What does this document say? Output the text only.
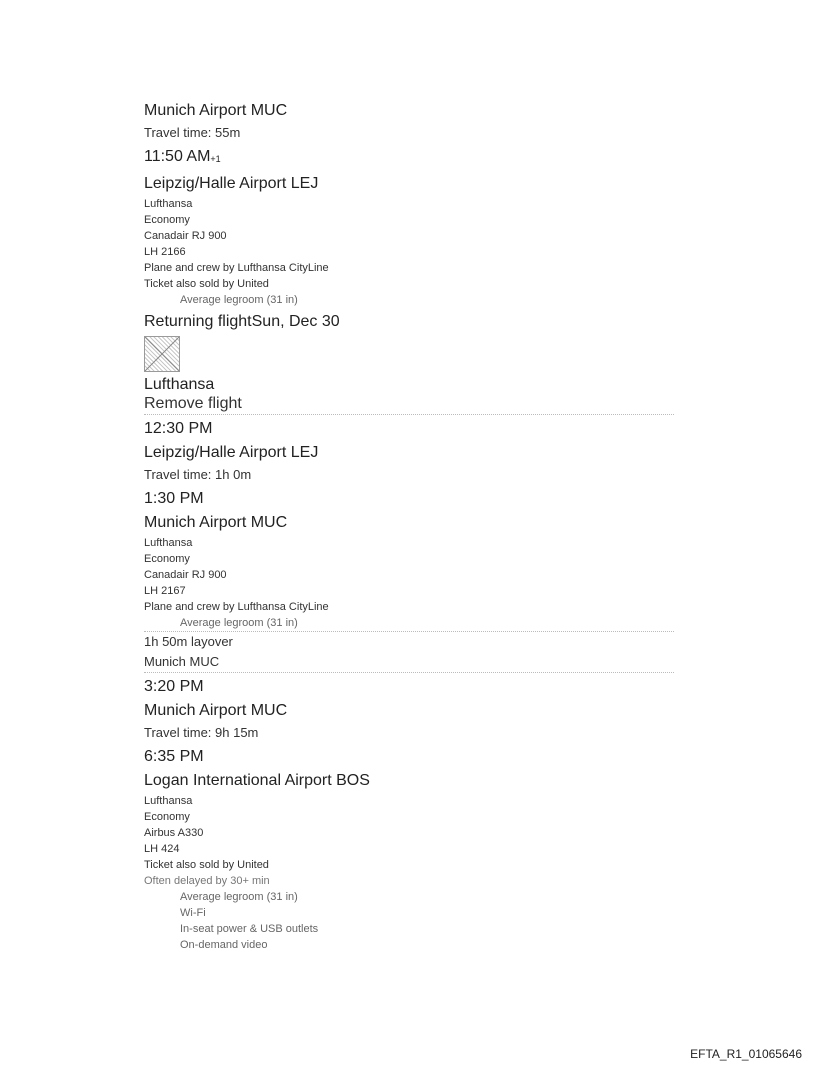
Munich Airport MUC
Travel time: 55m
11:50 AM+1
Leipzig/Halle Airport LEJ
Lufthansa
Economy
Canadair RJ 900
LH 2166
Plane and crew by Lufthansa CityLine
Ticket also sold by United
Average legroom (31 in)
Returning flightSun, Dec 30
Lufthansa
Remove flight
12:30 PM
Leipzig/Halle Airport LEJ
Travel time: 1h 0m
1:30 PM
Munich Airport MUC
Lufthansa
Economy
Canadair RJ 900
LH 2167
Plane and crew by Lufthansa CityLine
Average legroom (31 in)
1h 50m layover
Munich MUC
3:20 PM
Munich Airport MUC
Travel time: 9h 15m
6:35 PM
Logan International Airport BOS
Lufthansa
Economy
Airbus A330
LH 424
Ticket also sold by United
Often delayed by 30+ min
Average legroom (31 in)
Wi-Fi
In-seat power & USB outlets
On-demand video
EFTA_R1_01065646
